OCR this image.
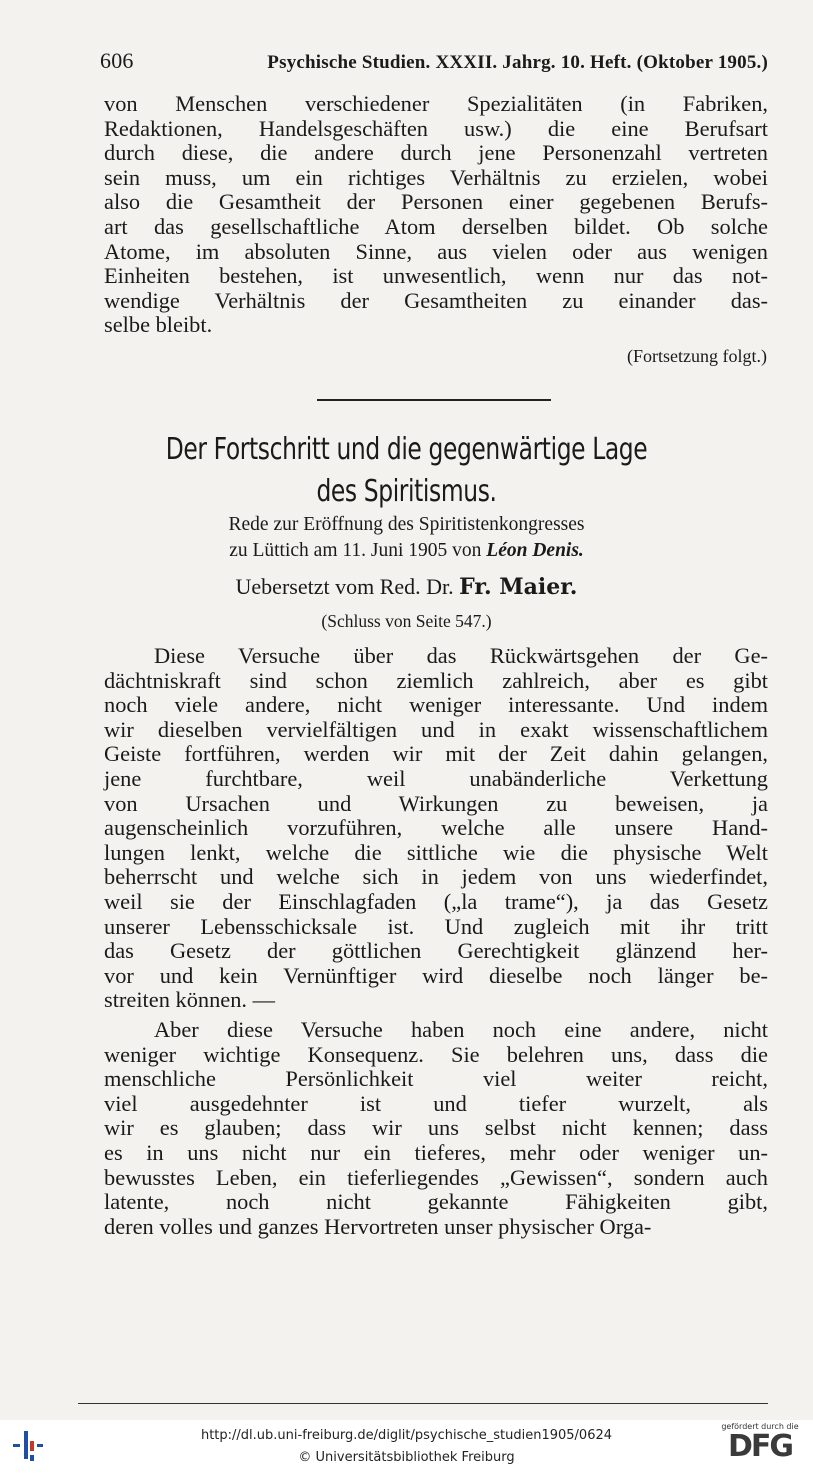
606	Psychische Studien. XXXII. Jahrg. 10. Heft. (Oktober 1905.)
von Menschen verschiedener Spezialitäten (in Fabriken,
Redaktionen, Handelsgeschäften usw.) die eine Berufsart
durch diese, die andere durch jene Personenzahl vertreten
sein muss, um ein richtiges Verhältnis zu erzielen, wobei
also die Gesamtheit der Personen einer gegebenen Berufs-
art das gesellschaftliche Atom derselben bildet. Ob solche
Atome, im absoluten Sinne, aus vielen oder aus wenigen
Einheiten bestehen, ist unwesentlich, wenn nur das not-
wendige Verhältnis der Gesamtheiten zu einander das-
selbe bleibt.
(Fortsetzung folgt.)
Der Fortschritt und die gegenwärtige Lage
des Spiritismus.
Rede zur Eröffnung des Spiritistenkongresses
zu Lüttich am 11. Juni 1905 von Léon Denis.
Uebersetzt vom Red. Dr. Fr. Maier.
(Schluss von Seite 547.)
Diese Versuche über das Rückwärtsgehen der Ge-
dächtniskraft sind schon ziemlich zahlreich, aber es gibt
noch viele andere, nicht weniger interessante. Und indem
wir dieselben vervielfältigen und in exakt wissenschaftlichem
Geiste fortführen, werden wir mit der Zeit dahin gelangen,
jene furchtbare, weil unabänderliche Verkettung
von Ursachen und Wirkungen zu beweisen, ja
augenscheinlich vorzuführen, welche alle unsere Hand-
lungen lenkt, welche die sittliche wie die physische Welt
beherrscht und welche sich in jedem von uns wiederfindet,
weil sie der Einschlagfaden („la trame“), ja das Gesetz
unserer Lebensschicksale ist. Und zugleich mit ihr tritt
das Gesetz der göttlichen Gerechtigkeit glänzend her-
vor und kein Vernünftiger wird dieselbe noch länger be-
streiten können. —
Aber diese Versuche haben noch eine andere, nicht
weniger wichtige Konsequenz. Sie belehren uns, dass die
menschliche Persönlichkeit viel weiter reicht,
viel ausgedehnter ist und tiefer wurzelt, als
wir es glauben; dass wir uns selbst nicht kennen; dass
es in uns nicht nur ein tieferes, mehr oder weniger un-
bewusstes Leben, ein tieferliegendes „Gewissen“, sondern auch
latente, noch nicht gekannte Fähigkeiten gibt,
deren volles und ganzes Hervortreten unser physischer Orga-
http://dl.ub.uni-freiburg.de/diglit/psychische_studien1905/0624
© Universitätsbibliothek Freiburg
gefördert durch die
DFG
